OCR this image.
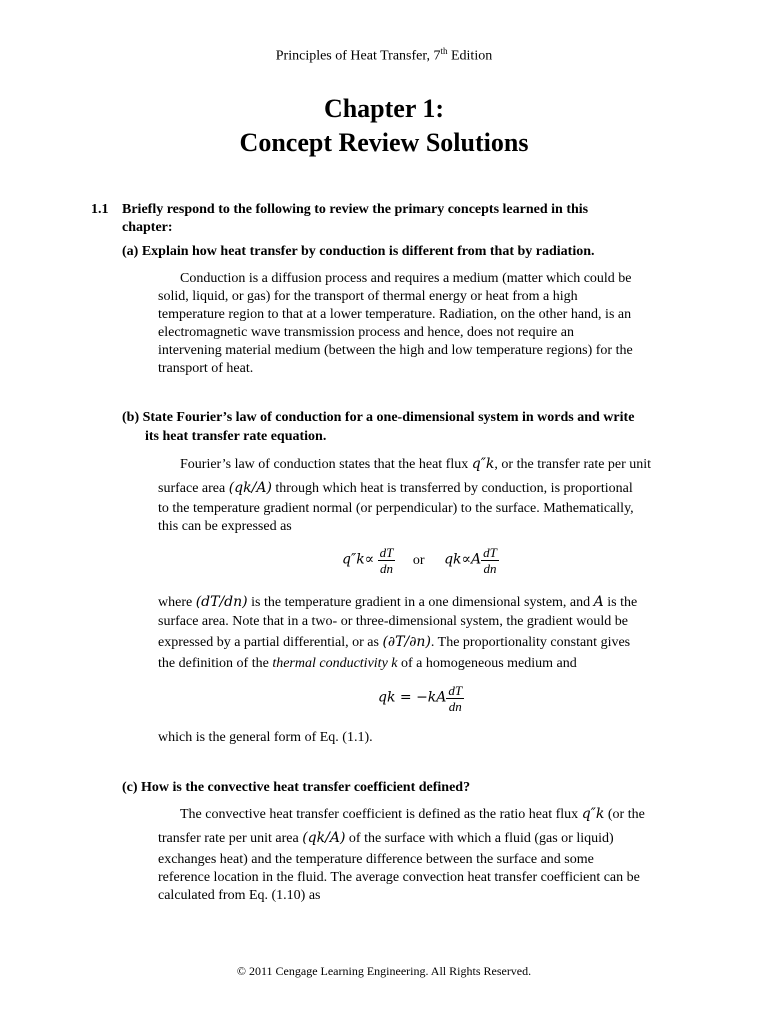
Principles of Heat Transfer, 7th Edition
Chapter 1:
Concept Review Solutions
1.1 Briefly respond to the following to review the primary concepts learned in this
chapter:
(a) Explain how heat transfer by conduction is different from that by radiation.
Conduction is a diffusion process and requires a medium (matter which could be
solid, liquid, or gas) for the transport of thermal energy or heat from a high
temperature region to that at a lower temperature. Radiation, on the other hand, is an
electromagnetic wave transmission process and hence, does not require an
intervening material medium (between the high and low temperature regions) for the
transport of heat.
(b) State Fourier’s law of conduction for a one-dimensional system in words and write
its heat transfer rate equation.
Fourier’s law of conduction states that the heat flux q″k, or the transfer rate per unit
surface area (qk/A) through which heat is transferred by conduction, is proportional
to the temperature gradient normal (or perpendicular) to the surface. Mathematically,
this can be expressed as
$q''k\propto \frac{dT}{dn}$ or $qk\propto A \frac{dT}{dn}$
where (dT/dn) is the temperature gradient in a one dimensional system, and A is the
surface area. Note that in a two- or three-dimensional system, the gradient would be
expressed by a partial differential, or as (∂T/∂n). The proportionality constant gives
the definition of the thermal conductivity k of a homogeneous medium and
qk = $-kA \frac{dT}{dn}$
which is the general form of Eq. (1.1).
(c) How is the convective heat transfer coefficient defined?
The convective heat transfer coefficient is defined as the ratio heat flux q″k (or the
transfer rate per unit area (qk/A) of the surface with which a fluid (gas or liquid)
exchanges heat) and the temperature difference between the surface and some
reference location in the fluid. The average convection heat transfer coefficient can be
calculated from Eq. (1.10) as
© 2011 Cengage Learning Engineering. All Rights Reserved.
